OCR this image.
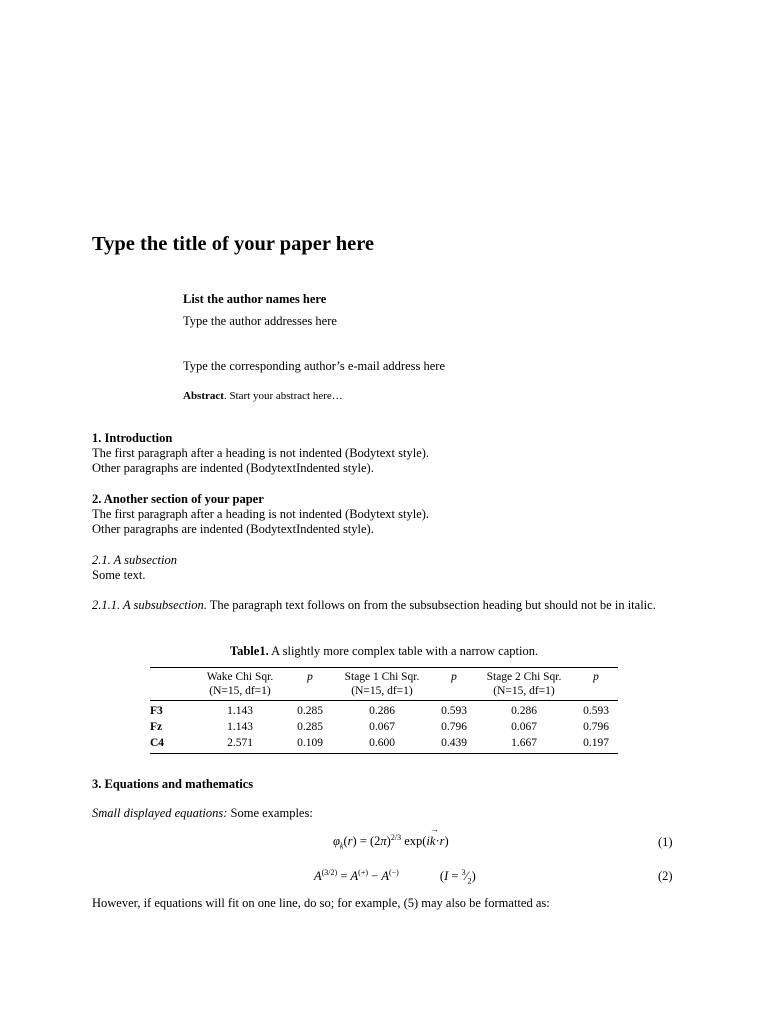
Type the title of your paper here
List the author names here
Type the author addresses here
Type the corresponding author’s e-mail address here
Abstract. Start your abstract here…
1. Introduction
The first paragraph after a heading is not indented (Bodytext style).
Other paragraphs are indented (BodytextIndented style).
2. Another section of your paper
The first paragraph after a heading is not indented (Bodytext style).
Other paragraphs are indented (BodytextIndented style).
2.1. A subsection
Some text.
2.1.1. A subsubsection. The paragraph text follows on from the subsubsection heading but should not be in italic.
Table1. A slightly more complex table with a narrow caption.
	Wake Chi Sqr.	p	Stage 1 Chi Sqr.	p	Stage 2 Chi Sqr.	p
	(N=15, df=1)		(N=15, df=1)		(N=15, df=1)	
F3	1.143	0.285	0.286	0.593	0.286	0.593
Fz	1.143	0.285	0.067	0.796	0.067	0.796
C4	2.571	0.109	0.600	0.439	1.667	0.197
3. Equations and mathematics
Small displayed equations: Some examples:
$\varphi_k(r) = (2\pi)^{2/3}$ exp(ik
→
·r)	(1)
$A^{(3/2)} = A^{(+)} - A^{(-)}$	$(I = ^3⁄_2)$	(2)
However, if equations will fit on one line, do so; for example, (5) may also be formatted as:
